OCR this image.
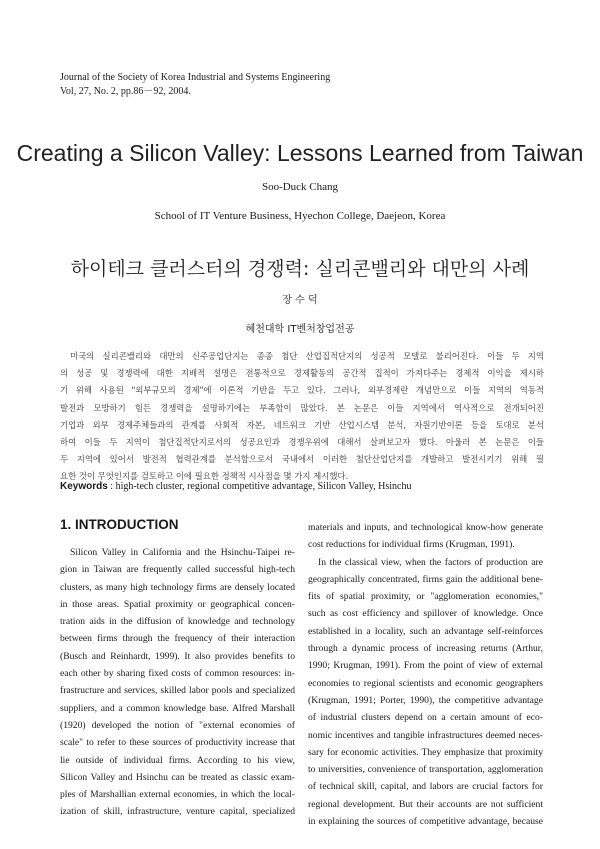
Journal of the Society of Korea Industrial and Systems Engineering
Vol, 27, No. 2, pp.86－92, 2004.
Creating a Silicon Valley: Lessons Learned from Taiwan
Soo-Duck Chang
School of IT Venture Business, Hyechon College, Daejeon, Korea
하이테크 클러스터의 경쟁력: 실리콘밸리와 대만의 사례
장 수 덕
혜천대학 IT벤처창업전공
미국의 실리콘밸리와 대만의 신주공업단지는 종종 첨단 산업집적단지의 성공적 모델로 불리어진다. 이들 두 지역
의 성공 및 경쟁력에 대한 지배적 설명은 전통적으로 경제활동의 공간적 집적이 가져다주는 경제적 이익을 제시하
기 위해 사용된 "외부규모의 경제"에 이론적 기반을 두고 있다. 그러나, 외부경제란 개념만으로 이들 지역의 역동적
발전과 모방하기 힘든 경쟁력을 설명하기에는 부족함이 많았다. 본 논문은 이들 지역에서 역사적으로 전개되어진
기업과 외부 경제주체들과의 관계를 사회적 자본, 네트워크 기반 산업시스템 분석, 자원기반이론 등을 토대로 분석
하여 이들 두 지역이 첨단집적단지로서의 성공요인과 경쟁우위에 대해서 살펴보고자 했다. 아울러 본 논문은 이들
두 지역에 있어서 발전적 협력관계를 분석함으로서 국내에서 이러한 첨단산업단지를 개발하고 발전시키기 위해 필
요한 것이 무엇인지를 검토하고 이에 필요한 정책적 시사점을 몇 가지 제시했다.
Keywords : high-tech cluster, regional competitive advantage, Silicon Valley, Hsinchu
1. INTRODUCTION
Silicon Valley in California and the Hsinchu-Taipei re-
gion in Taiwan are frequently called successful high-tech
clusters, as many high technology firms are densely located
in those areas. Spatial proximity or geographical concen-
tration aids in the diffusion of knowledge and technology
between firms through the frequency of their interaction
(Busch and Reinhardt, 1999). It also provides benefits to
each other by sharing fixed costs of common resources: in-
frastructure and services, skilled labor pools and specialized
suppliers, and a common knowledge base. Alfred Marshall
(1920) developed the notion of "external economies of
scale" to refer to these sources of productivity increase that
lie outside of individual firms. According to his view,
Silicon Valley and Hsinchu can be treated as classic exam-
ples of Marshallian external economies, in which the local-
ization of skill, infrastructure, venture capital, specialized
materials and inputs, and technological know-how generate
cost reductions for individual firms (Krugman, 1991).
In the classical view, when the factors of production are
geographically concentrated, firms gain the additional bene-
fits of spatial proximity, or "agglomeration economies,"
such as cost efficiency and spillover of knowledge. Once
established in a locality, such an advantage self-reinforces
through a dynamic process of increasing returns (Arthur,
1990; Krugman, 1991). From the point of view of external
economies to regional scientists and economic geographers
(Krugman, 1991; Porter, 1990), the competitive advantage
of industrial clusters depend on a certain amount of eco-
nomic incentives and tangible infrastructures deemed neces-
sary for economic activities. They emphasize that proximity
to universities, convenience of transportation, agglomeration
of technical skill, capital, and labors are crucial factors for
regional development. But their accounts are not sufficient
in explaining the sources of competitive advantage, because
